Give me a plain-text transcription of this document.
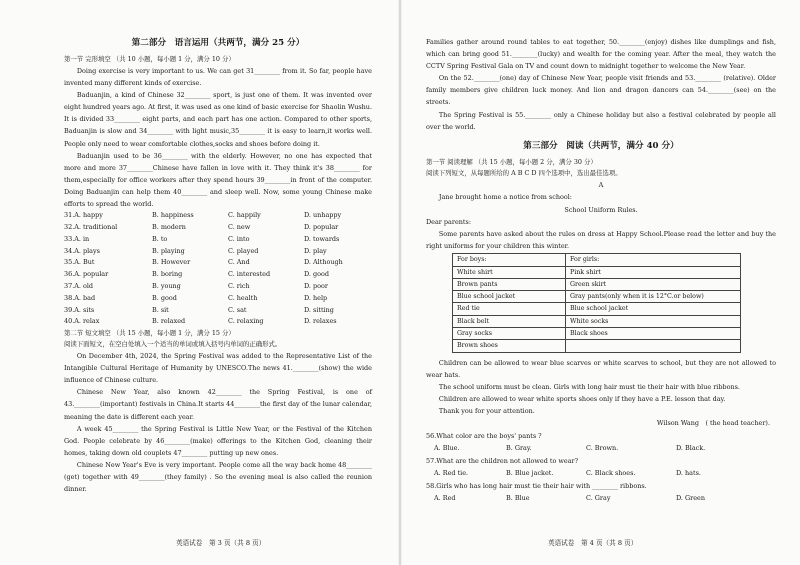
第二部分　语言运用（共两节，满分 25 分）
第一节 完形填空 （共 10 小题，每小题 1 分，满分 10 分）

Doing exercise is very important to us. We can get 31________ from it. So far, people have invented many different kinds of exercise.

Baduanjin, a kind of Chinese 32________ sport, is just one of them. It was invented over eight hundred years ago. At first, it was used as one kind of basic exercise for Shaolin Wushu. It is divided 33________ eight parts, and each part has one action. Compared to other sports, Baduanjin is slow and 34________ with light music,35________ it is easy to learn,it works well. People only need to wear comfortable clothes,socks and shoes before doing it.

Baduanjin used to be 36________ with the elderly. However, no one has expected that more and more 37________Chinese have fallen in love with it. They think it's 38________ for them,especially for office workers after they spend hours 39________in front of the computer. Doing Baduanjin can help them 40________ and sleep well. Now, some young Chinese make efforts to spread the world.

31.A. happy	B. happiness	C. happily	D. unhappy
32.A. traditional	B. modern	C. new	D. popular
33.A. in	B. to	C. into	D. towards
34.A. plays	B. playing	C. played	D. play
35.A. But	B. However	C. And	D. Although
36.A. popular	B. boring	C. interested	D. good
37.A. old	B. young	C. rich	D. poor
38.A. bad	B. good	C. health	D. help
39.A. sits	B. sit	C. sat	D. sitting
40.A. relax	B. relaxed	C. relaxing	D. relaxes
第二节 短文填空 （共 15 小题，每小题 1 分，满分 15 分）
阅读下面短文，在空白处填入一个适当的单词或填入括号内单词的正确形式。

On December 4th, 2024, the Spring Festival was added to the Representative List of the Intangible Cultural Heritage of Humanity by UNESCO.The news 41.________(show) the wide influence of Chinese culture.

Chinese New Year, also known 42________ the Spring Festival, is one of 43.________(important) festivals in China.It starts 44________the first day of the lunar calendar, meaning the date is different each year.

A week 45________ the Spring Festival is Little New Year, or the Festival of the Kitchen God. People celebrate by 46________(make) offerings to the Kitchen God, cleaning their homes, taking down old couplets 47________ putting up new ones.

Chinese New Year's Eve is very important. People come all the way back home 48________ (get) together with 49________(they family) . So the evening meal is also called the reunion dinner.

英语试卷　第 3 页（共 8 页）

Families gather around round tables to eat together, 50.________(enjoy) dishes like dumplings and fish, which can bring good 51.________(lucky) and wealth for the coming year. After the meal, they watch the CCTV Spring Festival Gala on TV and count down to midnight together to welcome the New Year.

On the 52.________(one) day of Chinese New Year, people visit friends and 53.________ (relative). Older family members give children luck money. And lion and dragon dancers can 54.________(see) on the streets.

The Spring Festival is 55.________ only a Chinese holiday but also a festival celebrated by people all over the world.

第三部分　阅读（共两节，满分 40 分）
第一节 阅读理解 （共 15 小题，每小题 2 分，满分 30 分）
阅读下列短文，从每题所给的 A B C D 四个选项中，选出最佳选项。
A

Jane brought home a notice from school:

School Uniform Rules.

Dear parents:

Some parents have asked about the rules on dress at Happy School.Please read the letter and buy the right uniforms for your children this winter.

For boys:	For girls:
White shirt	Pink shirt
Brown pants	Green skirt
Blue school jacket	Gray pants(only when it is 12°C.or below)
Red tie	Blue school jacket
Black belt	White socks
Gray socks	Black shoes
Brown shoes	

Children can be allowed to wear blue scarves or white scarves to school, but they are not allowed to wear hats.

The school uniform must be clean. Girls with long hair must tie their hair with blue ribbons.

Children are allowed to wear white sports shoes only if they have a P.E. lesson that day.

Thank you for your attention.

Wilson Wang　( the head teacher).
56.What color are the boys' pants ?
A. Blue.	B. Gray.	C. Brown.	D. Black.
57.What are the children not allowed to wear?
A. Red tie.	B. Blue jacket.	C. Black shoes.	D. hats.
58.Girls who has long hair must tie their hair with ________ ribbons.
A. Red	B. Blue	C. Gray	D. Green
英语试卷　第 4 页（共 8 页）
